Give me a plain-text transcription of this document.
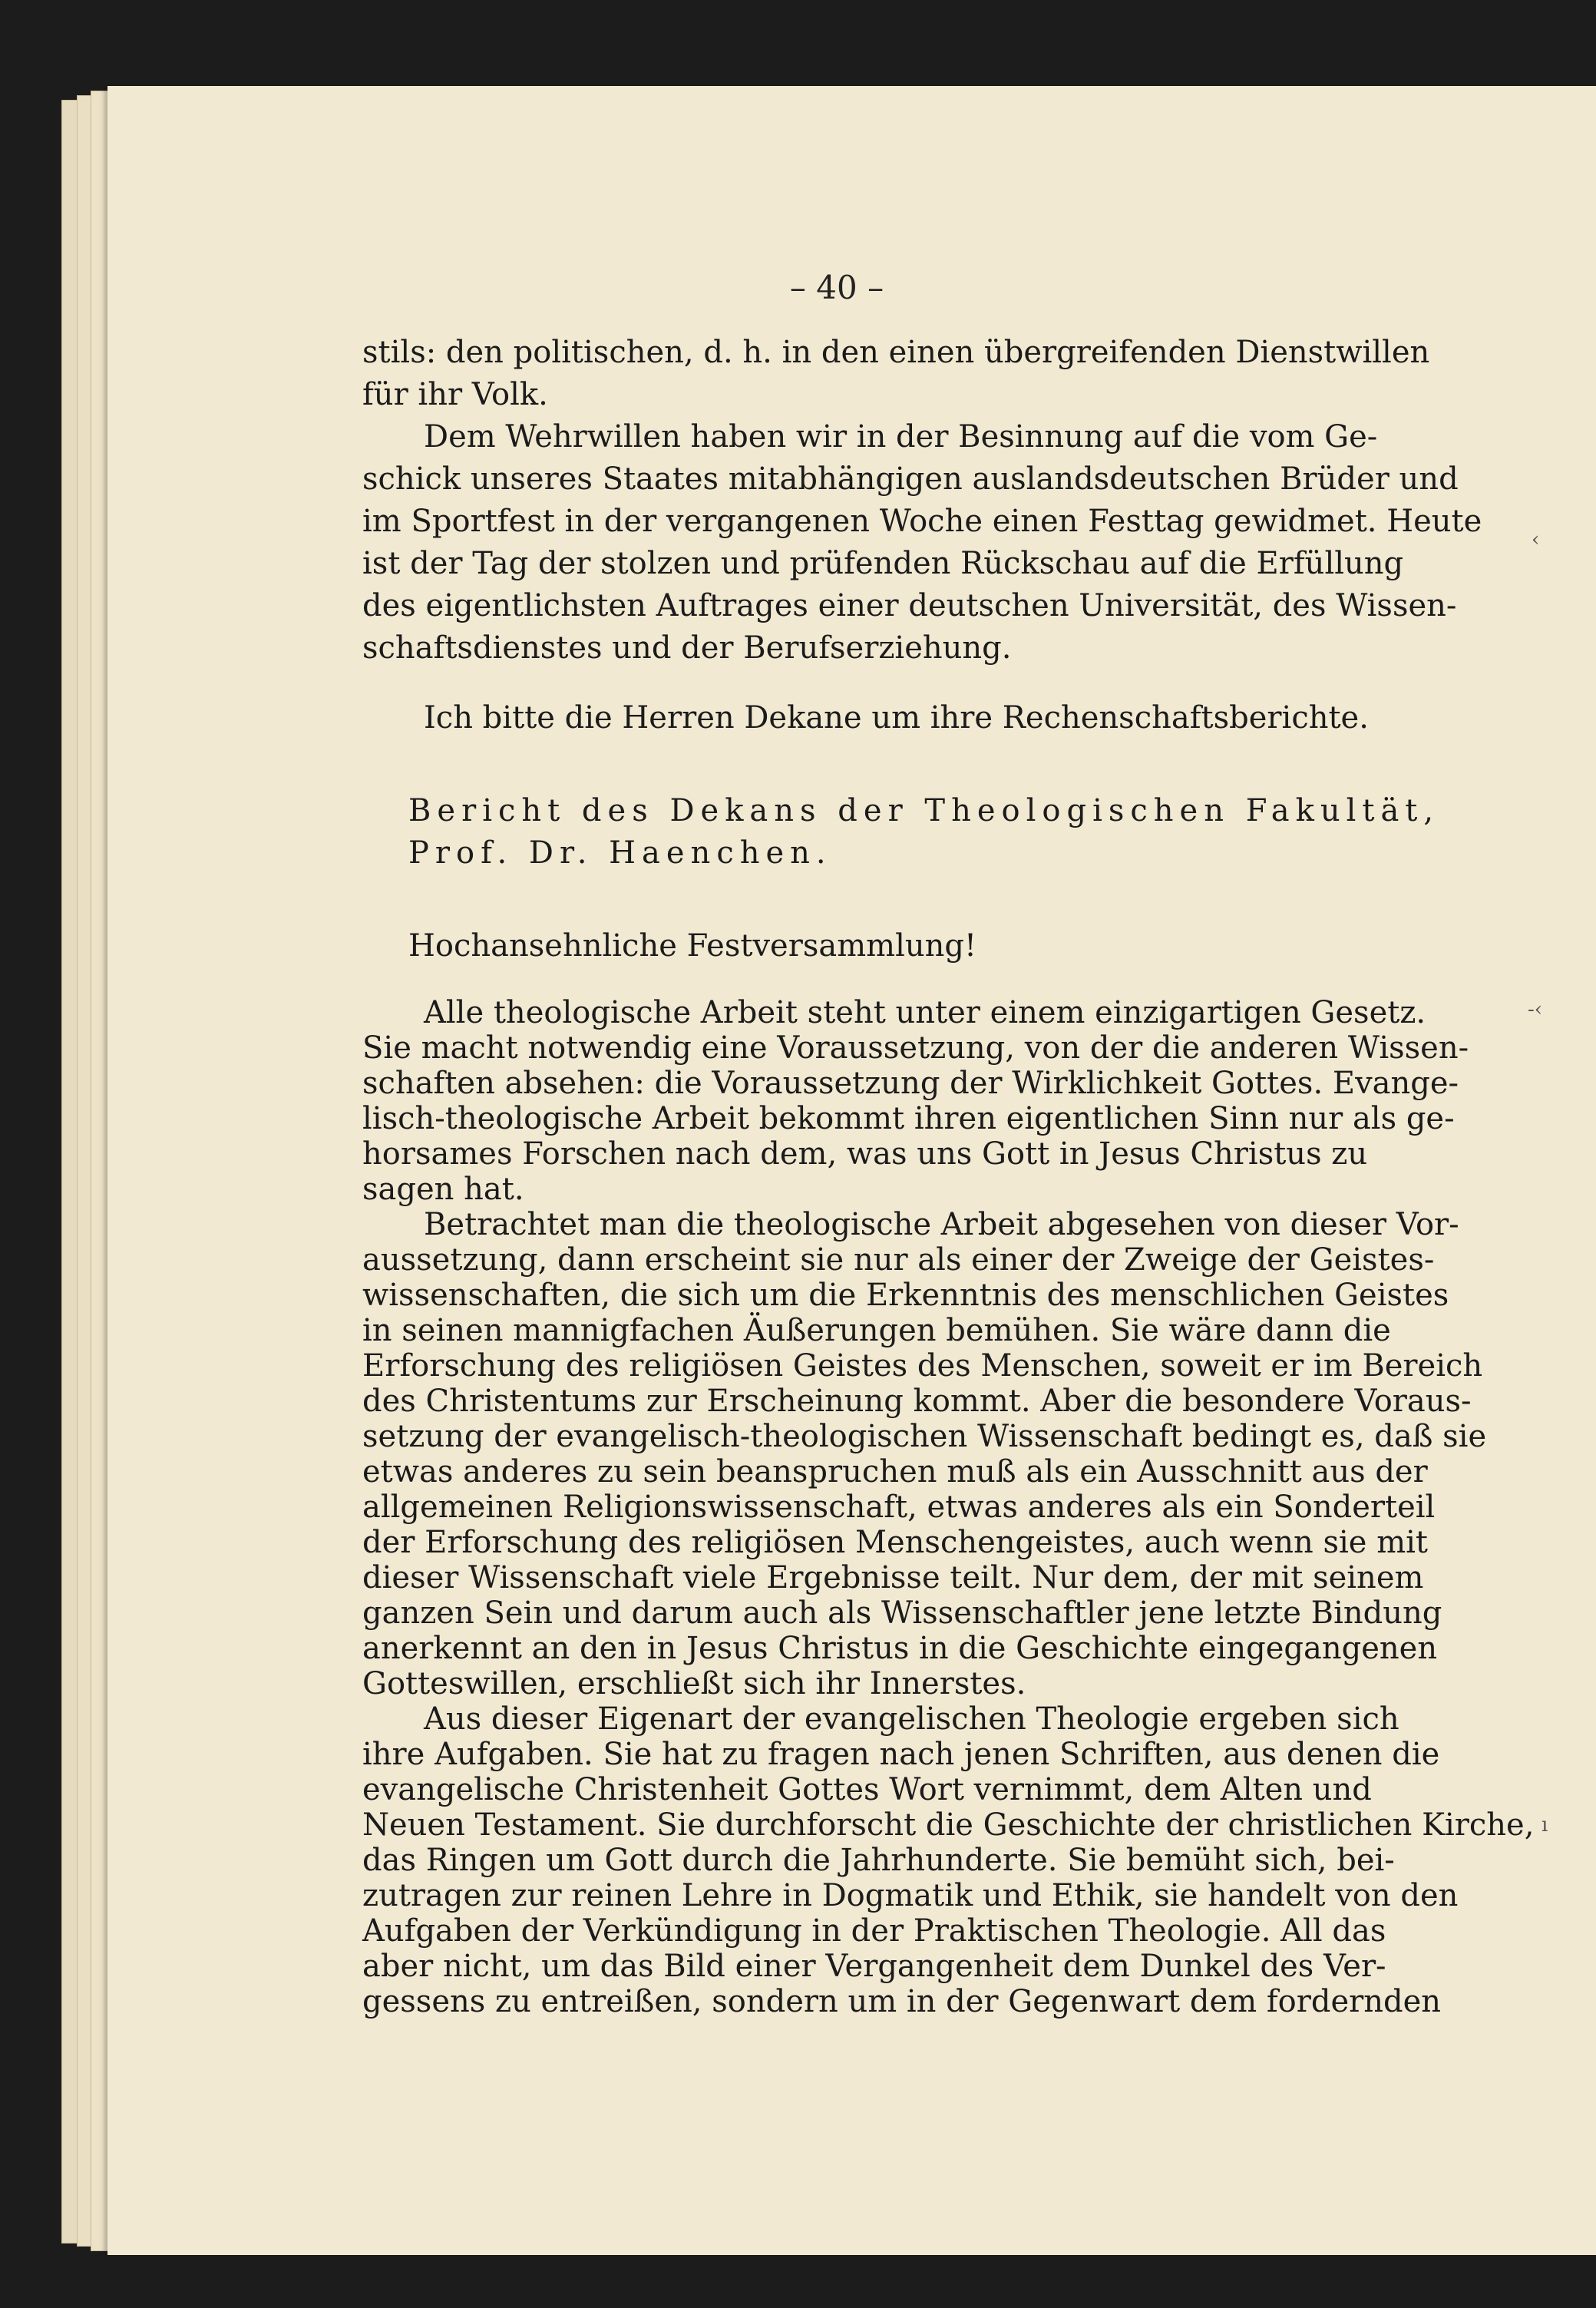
– 40 –
stils: den politischen, d. h. in den einen übergreifenden Dienstwillen
für ihr Volk.
Dem Wehrwillen haben wir in der Besinnung auf die vom Ge-
schick unseres Staates mitabhängigen auslandsdeutschen Brüder und
im Sportfest in der vergangenen Woche einen Festtag gewidmet. Heute
ist der Tag der stolzen und prüfenden Rückschau auf die Erfüllung
des eigentlichsten Auftrages einer deutschen Universität, des Wissen-
schaftsdienstes und der Berufserziehung.
Ich bitte die Herren Dekane um ihre Rechenschaftsberichte.
Bericht des Dekans der Theologischen Fakultät,
Prof. Dr. Haenchen.
Hochansehnliche Festversammlung!
Alle theologische Arbeit steht unter einem einzigartigen Gesetz.
Sie macht notwendig eine Voraussetzung, von der die anderen Wissen-
schaften absehen: die Voraussetzung der Wirklichkeit Gottes. Evange-
lisch-theologische Arbeit bekommt ihren eigentlichen Sinn nur als ge-
horsames Forschen nach dem, was uns Gott in Jesus Christus zu
sagen hat.
Betrachtet man die theologische Arbeit abgesehen von dieser Vor-
aussetzung, dann erscheint sie nur als einer der Zweige der Geistes-
wissenschaften, die sich um die Erkenntnis des menschlichen Geistes
in seinen mannigfachen Äußerungen bemühen. Sie wäre dann die
Erforschung des religiösen Geistes des Menschen, soweit er im Bereich
des Christentums zur Erscheinung kommt. Aber die besondere Voraus-
setzung der evangelisch-theologischen Wissenschaft bedingt es, daß sie
etwas anderes zu sein beanspruchen muß als ein Ausschnitt aus der
allgemeinen Religionswissenschaft, etwas anderes als ein Sonderteil
der Erforschung des religiösen Menschengeistes, auch wenn sie mit
dieser Wissenschaft viele Ergebnisse teilt. Nur dem, der mit seinem
ganzen Sein und darum auch als Wissenschaftler jene letzte Bindung
anerkennt an den in Jesus Christus in die Geschichte eingegangenen
Gotteswillen, erschließt sich ihr Innerstes.
Aus dieser Eigenart der evangelischen Theologie ergeben sich
ihre Aufgaben. Sie hat zu fragen nach jenen Schriften, aus denen die
evangelische Christenheit Gottes Wort vernimmt, dem Alten und
Neuen Testament. Sie durchforscht die Geschichte der christlichen Kirche,
das Ringen um Gott durch die Jahrhunderte. Sie bemüht sich, bei-
zutragen zur reinen Lehre in Dogmatik und Ethik, sie handelt von den
Aufgaben der Verkündigung in der Praktischen Theologie. All das
aber nicht, um das Bild einer Vergangenheit dem Dunkel des Ver-
gessens zu entreißen, sondern um in der Gegenwart dem fordernden
‹
-‹
ı
